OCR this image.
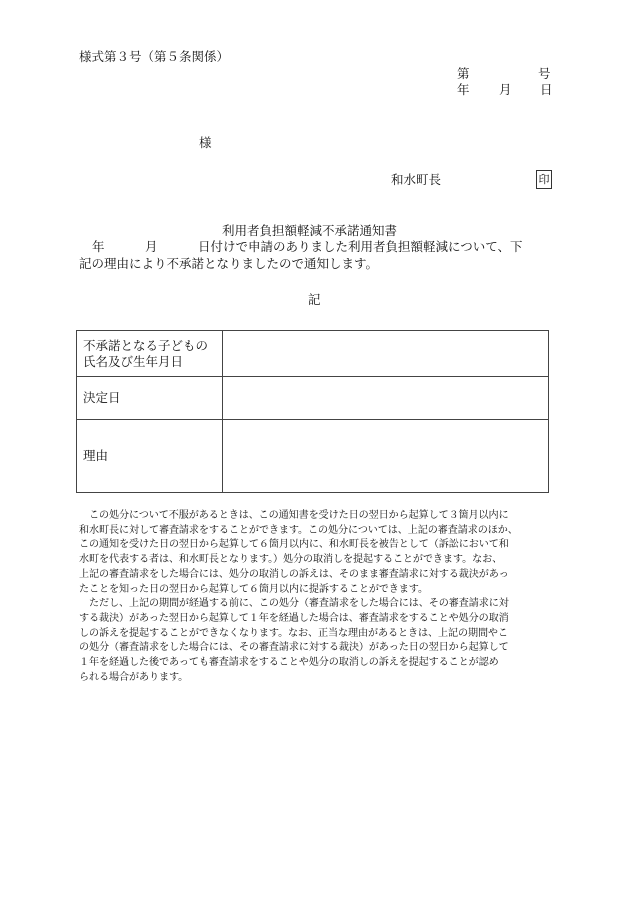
様式第３号（第５条関係）
第	号
年 月 日
様
和水町長	印
利用者負担額軽減不承諾通知書
年	月	日付けで申請のありました利用者負担額軽減について、下
記の理由により不承諾となりましたので通知します。
記
不承諾となる子どもの
氏名及び生年月日	

決定日	
理由	

　この処分について不服があるときは、この通知書を受けた日の翌日から起算して３箇月以内に

和水町長に対して審査請求をすることができます。この処分については、上記の審査請求のほか、

この通知を受けた日の翌日から起算して６箇月以内に、和水町長を被告として（訴訟において和

水町を代表する者は、和水町長となります。）処分の取消しを提起することができます。なお、

上記の審査請求をした場合には、処分の取消しの訴えは、そのまま審査請求に対する裁決があっ

たことを知った日の翌日から起算して６箇月以内に提訴することができます。

　ただし、上記の期間が経過する前に、この処分（審査請求をした場合には、その審査請求に対

する裁決）があった翌日から起算して１年を経過した場合は、審査請求をすることや処分の取消

しの訴えを提起することができなくなります。なお、正当な理由があるときは、上記の期間やこ

の処分（審査請求をした場合には、その審査請求に対する裁決）があった日の翌日から起算して

１年を経過した後であっても審査請求をすることや処分の取消しの訴えを提起することが認め

られる場合があります。
